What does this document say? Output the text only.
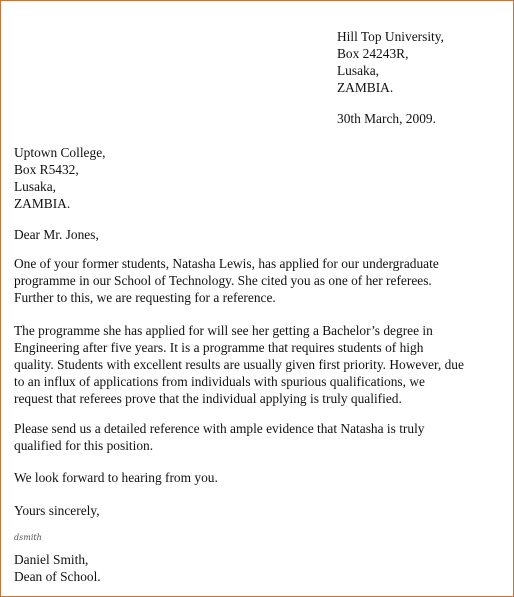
Hill Top University,
Box 24243R,
Lusaka,
ZAMBIA.
30th March, 2009.
Uptown College,
Box R5432,
Lusaka,
ZAMBIA.
Dear Mr. Jones,
One of your former students, Natasha Lewis, has applied for our undergraduate
programme in our School of Technology. She cited you as one of her referees.
Further to this, we are requesting for a reference.
The programme she has applied for will see her getting a Bachelor’s degree in
Engineering after five years. It is a programme that requires students of high
quality. Students with excellent results are usually given first priority. However, due
to an influx of applications from individuals with spurious qualifications, we
request that referees prove that the individual applying is truly qualified.
Please send us a detailed reference with ample evidence that Natasha is truly
qualified for this position.
We look forward to hearing from you.
Yours sincerely,
dsmith
Daniel Smith,
Dean of School.
